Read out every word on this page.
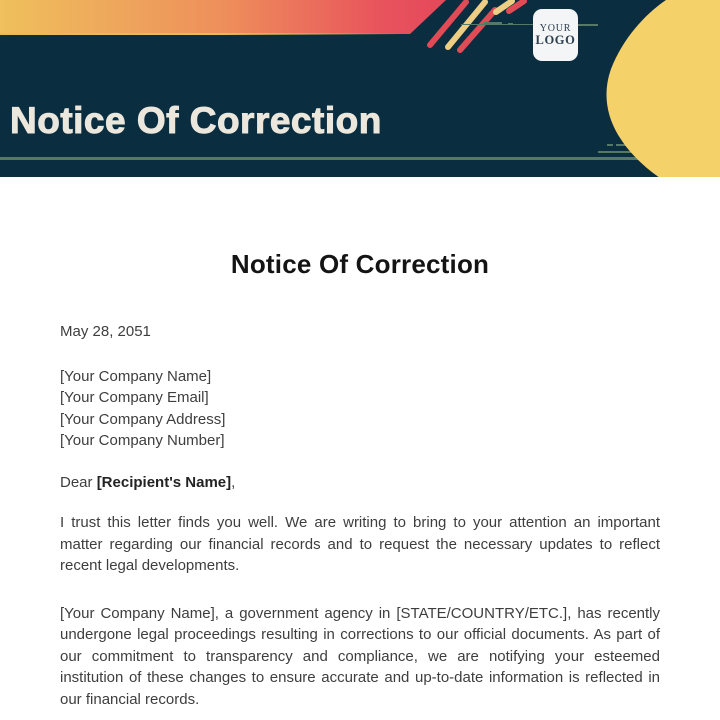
YOUR
LOGO
Notice Of Correction
Notice Of Correction
May 28, 2051
[Your Company Name]
[Your Company Email]
[Your Company Address]
[Your Company Number]
Dear [Recipient's Name],
I trust this letter finds you well. We are writing to bring to your attention an important matter regarding our financial records and to request the necessary updates to reflect recent legal developments.
[Your Company Name], a government agency in [STATE/COUNTRY/ETC.], has recently undergone legal proceedings resulting in corrections to our official documents. As part of our commitment to transparency and compliance, we are notifying your esteemed institution of these changes to ensure accurate and up-to-date information is reflected in our financial records.
